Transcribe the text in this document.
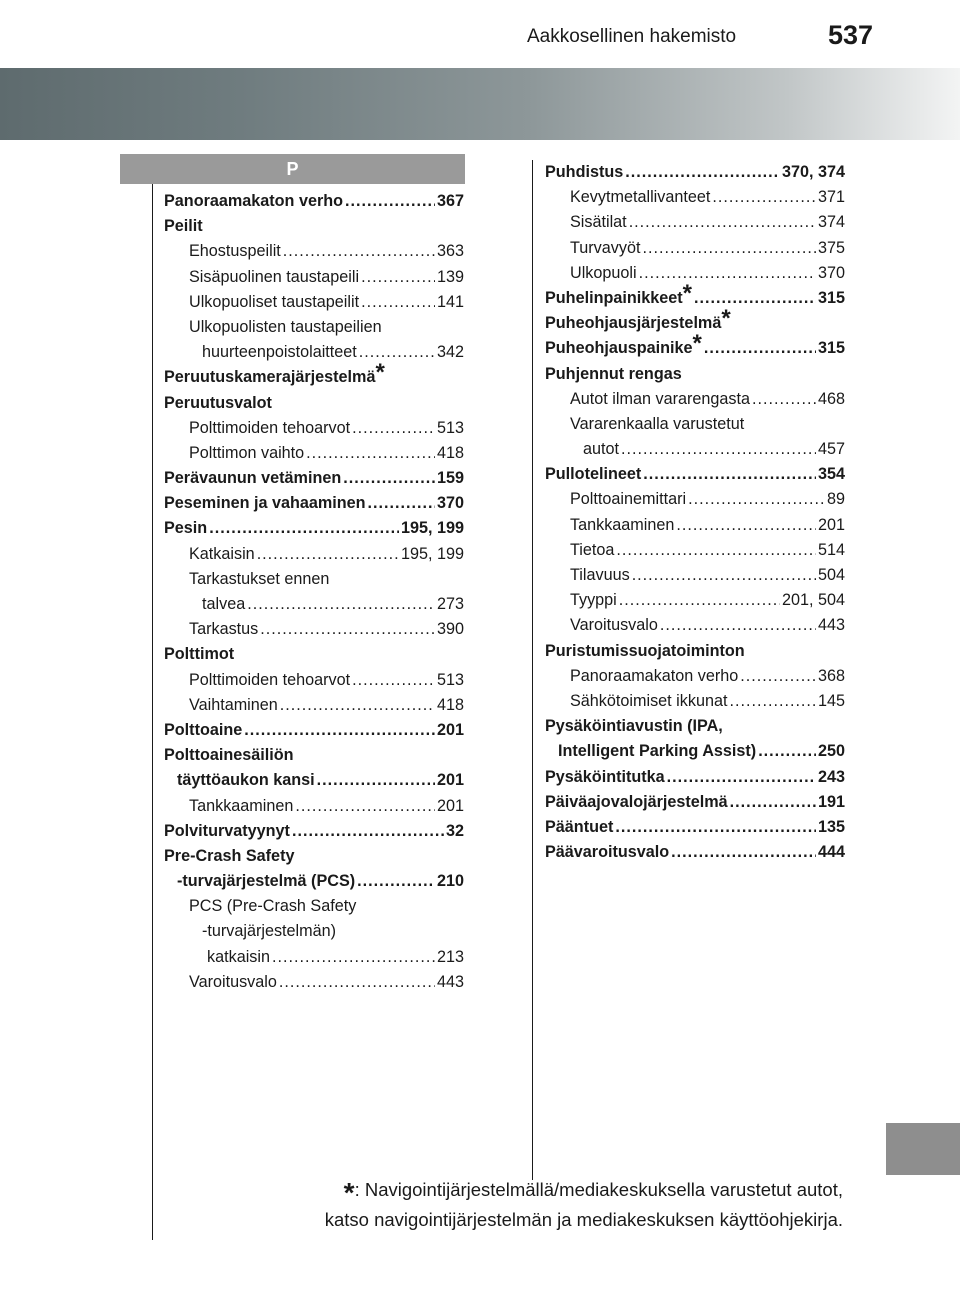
Aakkosellinen hakemisto	537
P
Panoraamakaton verho .....	367
Peilit
Ehostuspeilit .....	363
Sisäpuolinen taustapeili .....	139
Ulkopuoliset taustapeilit .....	141
Ulkopuolisten taustapeilien
huurteenpoistolaitteet .....	342
Peruutuskamerajärjestelmä*
Peruutusvalot
Polttimoiden tehoarvot .....	513
Polttimon vaihto .....	418
Perävaunun vetäminen .....	159
Peseminen ja vahaaminen .....	370
Pesin .....	195, 199
Katkaisin .....	195, 199
Tarkastukset ennen
talvea .....	273
Tarkastus .....	390
Polttimot
Polttimoiden tehoarvot .....	513
Vaihtaminen .....	418
Polttoaine .....	201
Polttoainesäiliön
täyttöaukon kansi .....	201
Tankkaaminen .....	201
Polviturvatyynyt .....	32
Pre-Crash Safety
-turvajärjestelmä (PCS) .....	210
PCS (Pre-Crash Safety
-turvajärjestelmän)
katkaisin .....	213
Varoitusvalo .....	443
Puhdistus .....	370, 374
Kevytmetallivanteet .....	371
Sisätilat .....	374
Turvavyöt .....	375
Ulkopuoli .....	370
Puhelinpainikkeet* .....	315
Puheohjausjärjestelmä*
Puheohjauspainike* .....	315
Puhjennut rengas
Autot ilman vararengasta .....	468
Vararenkaalla varustetut
autot .....	457
Pullotelineet .....	354
Polttoainemittari .....	89
Tankkaaminen .....	201
Tietoa .....	514
Tilavuus .....	504
Tyyppi .....	201, 504
Varoitusvalo .....	443
Puristumissuojatoiminton
Panoraamakaton verho .....	368
Sähkötoimiset ikkunat .....	145
Pysäköintiavustin (IPA,
Intelligent Parking Assist) .....	250
Pysäköintitutka .....	243
Päiväajovalojärjestelmä .....	191
Pääntuet .....	135
Päävaroitusvalo .....	444
*: Navigointijärjestelmällä/mediakeskuksella varustetut autot,
katso navigointijärjestelmän ja mediakeskuksen käyttöohjekirja.
